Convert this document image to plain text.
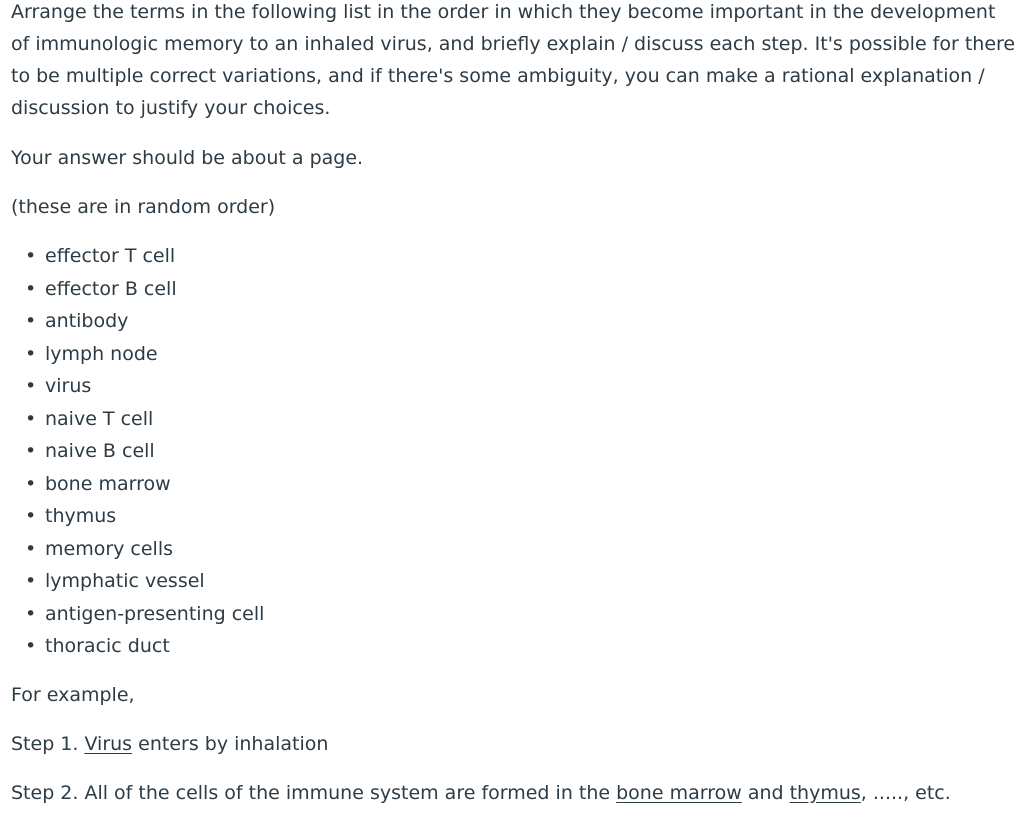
Arrange the terms in the following list in the order in which they become important in the development of immunologic memory to an inhaled virus, and briefly explain / discuss each step. It's possible for there to be multiple correct variations, and if there's some ambiguity, you can make a rational explanation / discussion to justify your choices.

Your answer should be about a page.

(these are in random order)

• effector T cell
• effector B cell
• antibody
• lymph node
• virus
• naive T cell
• naive B cell
• bone marrow
• thymus
• memory cells
• lymphatic vessel
• antigen-presenting cell
• thoracic duct

For example,

Step 1. Virus enters by inhalation

Step 2. All of the cells of the immune system are formed in the bone marrow and thymus, ....., etc.
